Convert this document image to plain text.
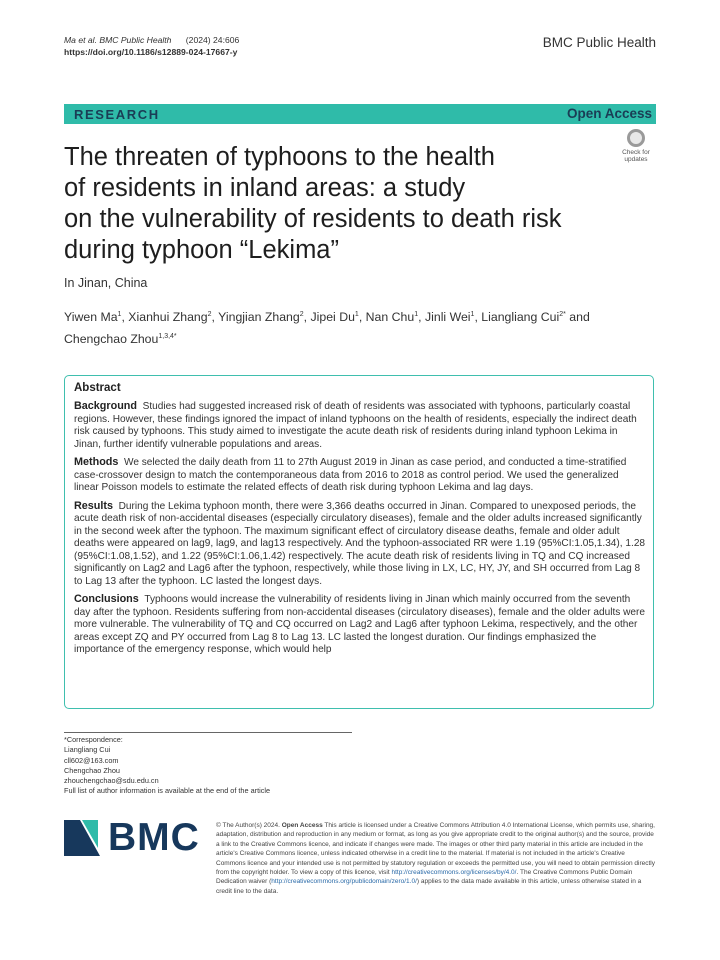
Ma et al. BMC Public Health (2024) 24:606
https://doi.org/10.1186/s12889-024-17667-y
BMC Public Health
RESEARCH	Open Access
Check for
updates
The threaten of typhoons to the health
of residents in inland areas: a study
on the vulnerability of residents to death risk
during typhoon “Lekima”
In Jinan, China
Yiwen Ma$^1$, Xianhui Zhang$^2$, Yingjian Zhang$^2$, Jipei Du$^1$, Nan Chu$^1$, Jinli Wei$^1$, Liangliang Cui$^{2*}$ and Chengchao Zhou$^{1,3,4*}$
Abstract

Background Studies had suggested increased risk of death of residents was associated with typhoons, particularly coastal regions. However, these findings ignored the impact of inland typhoons on the health of residents, especially the indirect death risk caused by typhoons. This study aimed to investigate the acute death risk of residents during inland typhoon Lekima in Jinan, further identify vulnerable populations and areas.

Methods We selected the daily death from 11 to 27th August 2019 in Jinan as case period, and conducted a time-stratified case-crossover design to match the contemporaneous data from 2016 to 2018 as control period. We used the generalized linear Poisson models to estimate the related effects of death risk during typhoon Lekima and lag days.

Results During the Lekima typhoon month, there were 3,366 deaths occurred in Jinan. Compared to unexposed periods, the acute death risk of non-accidental diseases (especially circulatory diseases), female and the older adults increased significantly in the second week after the typhoon. The maximum significant effect of circulatory disease deaths, female and older adult deaths were appeared on lag9, lag9, and lag13 respectively. And the typhoon-associated RR were 1.19 (95%CI:1.05,1.34), 1.28 (95%CI:1.08,1.52), and 1.22 (95%CI:1.06,1.42) respectively. The acute death risk of residents living in TQ and CQ increased significantly on Lag2 and Lag6 after the typhoon, respectively, while those living in LX, LC, HY, JY, and SH occurred from Lag 8 to Lag 13 after the typhoon. LC lasted the longest days.

Conclusions Typhoons would increase the vulnerability of residents living in Jinan which mainly occurred from the seventh day after the typhoon. Residents suffering from non-accidental diseases (circulatory diseases), female and the older adults were more vulnerable. The vulnerability of TQ and CQ occurred on Lag2 and Lag6 after typhoon Lekima, respectively, and the other areas except ZQ and PY occurred from Lag 8 to Lag 13. LC lasted the longest duration. Our findings emphasized the importance of the emergency response, which would help

*Correspondence:
Liangliang Cui
cll602@163.com
Chengchao Zhou
zhouchengchao@sdu.edu.cn
Full list of author information is available at the end of the article
BMC © The Author(s) 2024. Open Access This article is licensed under a Creative Commons Attribution 4.0 International License, which permits use, sharing, adaptation, distribution and reproduction in any medium or format, as long as you give appropriate credit to the original author(s) and the source, provide a link to the Creative Commons licence, and indicate if changes were made. The images or other third party material in this article are included in the article's Creative Commons licence, unless indicated otherwise in a credit line to the material. If material is not included in the article's Creative Commons licence and your intended use is not permitted by statutory regulation or exceeds the permitted use, you will need to obtain permission directly from the copyright holder. To view a copy of this licence, visit http://creativecommons.org/licenses/by/4.0/. The Creative Commons Public Domain Dedication waiver (http://creativecommons.org/publicdomain/zero/1.0/) applies to the data made available in this article, unless otherwise stated in a credit line to the data.
